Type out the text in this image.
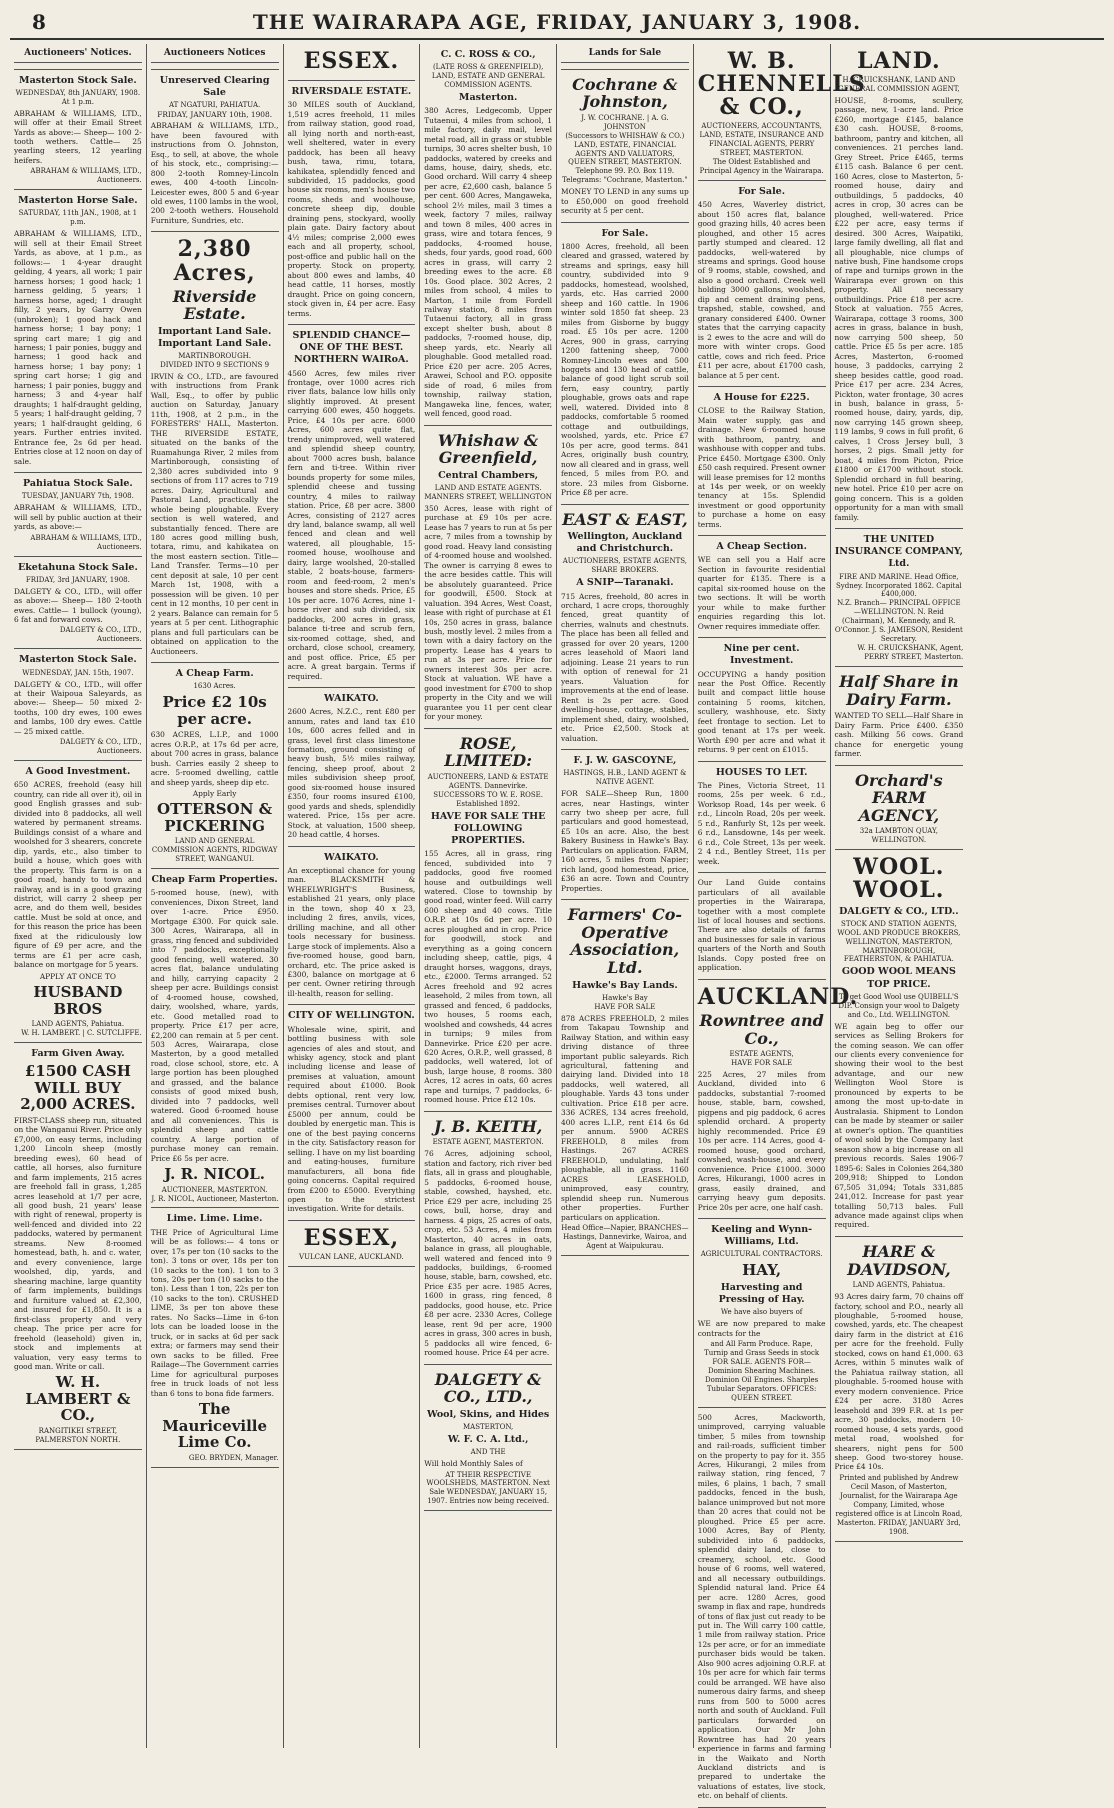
8	THE WAIRARAPA AGE, FRIDAY, JANUARY 3, 1908.
Auctioneers' Notices.
Masterton Stock Sale.
WEDNESDAY, 8th JANUARY, 1908. At 1 p.m.
ABRAHAM & WILLIAMS, LTD., will offer at their Email Street Yards as above:— Sheep— 100 2-tooth wethers. Cattle— 25 yearling steers, 12 yearling heifers.
ABRAHAM & WILLIAMS, LTD., Auctioneers.
Masterton Horse Sale.
SATURDAY, 11th JAN., 1908, at 1 p.m.
ABRAHAM & WILLIAMS, LTD., will sell at their Email Street Yards, as above, at 1 p.m., as follows:— 1 4-year draught gelding, 4 years, all work; 1 pair harness horses; 1 good hack; 1 harness gelding, 5 years; 1 harness horse, aged; 1 draught filly, 2 years, by Garry Owen (unbroken); 1 good hack and harness horse; 1 bay pony; 1 spring cart mare; 1 gig and harness; 1 pair ponies, buggy and harness; 1 good hack and harness horse; 1 bay pony; 1 spring cart horse; 1 gig and harness; 1 pair ponies, buggy and harness; 3 and 4-year half draughts; 1 half-draught gelding, 5 years; 1 half-draught gelding, 7 years; 1 half-draught gelding, 6 years. Further entries invited. Entrance fee, 2s 6d per head. Entries close at 12 noon on day of sale.
Pahiatua Stock Sale.
TUESDAY, JANUARY 7th, 1908.
ABRAHAM & WILLIAMS, LTD., will sell by public auction at their yards, as above:—
ABRAHAM & WILLIAMS, LTD., Auctioneers.
Eketahuna Stock Sale.
FRIDAY, 3rd JANUARY, 1908.
DALGETY & CO., LTD., will offer as above:— Sheep— 180 2-tooth ewes. Cattle— 1 bullock (young), 6 fat and forward cows.
DALGETY & CO., LTD., Auctioneers.
Masterton Stock Sale.
WEDNESDAY, JAN. 15th, 1907.
DALGETY & CO., LTD., will offer at their Waipoua Saleyards, as above:— Sheep— 50 mixed 2-tooths, 100 dry ewes, 100 ewes and lambs, 100 dry ewes. Cattle— 25 mixed cattle.
DALGETY & CO., LTD., Auctioneers.
A Good Investment.
650 ACRES, freehold (easy hill country, can ride all over it), oil in good English grasses and sub-divided into 8 paddocks, all well watered by permanent streams. Buildings consist of a whare and woolshed for 3 shearers, concrete dip, yards, etc., also timber to build a house, which goes with the property. This farm is on a good road, handy to town and railway, and is in a good grazing district, will carry 2 sheep per acre, and do them well, besides cattle. Must be sold at once, and for this reason the price has been fixed at the ridiculously low figure of £9 per acre, and the terms are £1 per acre cash, balance on mortgage for 5 years.
APPLY AT ONCE TO
HUSBAND BROS
LAND AGENTS, Pahiatua.
W. H. LAMBERT. | C. SUTCLIFFE.
Farm Given Away.
£1500 CASH WILL BUY 2,000 ACRES.
FIRST-CLASS sheep run, situated on the Wanganui River. Price only £7,000, on easy terms, including 1,200 Lincoln sheep (mostly breeding ewes), 60 head of cattle, all horses, also furniture and farm implements, 215 acres are freehold fall in grass, 1,285 acres leasehold at 1/7 per acre, all good bush, 21 years' lease with right of renewal, property is well-fenced and divided into 22 paddocks, watered by permanent streams. New 8-roomed homestead, bath, h. and c. water, and every convenience, large woolshed, dip, yards, and shearing machine, large quantity of farm implements, buildings and furniture valued at £2,300, and insured for £1,850. It is a first-class property and very cheap. The price per acre for freehold (leasehold) given in, stock and implements at valuation, very easy terms to good man. Write or call.
W. H. LAMBERT & CO.,
RANGITIKEI STREET, PALMERSTON NORTH.
Auctioneers Notices
Unreserved Clearing Sale
AT NGATURI, PAHIATUA.
FRIDAY, JANUARY 10th, 1908.
ABRAHAM & WILLIAMS, LTD., have been favoured with instructions from O. Johnston, Esq., to sell, at above, the whole of his stock, etc., comprising:— 800 2-tooth Romney-Lincoln ewes, 400 4-tooth Lincoln-Leicester ewes, 800 5 and 6-year old ewes, 1100 lambs in the wool, 200 2-tooth wethers. Household Furniture, Sundries, etc.
2,380 Acres,
Riverside Estate.
Important Land Sale. Important Land Sale.
MARTINBOROUGH.
DIVIDED INTO 9 SECTIONS 9
IRVIN & CO., LTD., are favoured with instructions from Frank Wall, Esq., to offer by public auction on Saturday, January 11th, 1908, at 2 p.m., in the FORESTERS' HALL, Masterton. THE RIVERSIDE ESTATE, situated on the banks of the Ruamahunga River, 2 miles from Martinborough, consisting of 2,380 acres subdivided into 9 sections of from 117 acres to 719 acres. Dairy, Agricultural and Pastoral Land, practically the whole being ploughable. Every section is well watered, and substantially fenced. There are 180 acres good milling bush, totara, rimu, and kahikatea on the most eastern section. Title—Land Transfer. Terms—10 per cent deposit at sale, 10 per cent March 1st, 1908, with a possession will be given. 10 per cent in 12 months, 10 per cent in 2 years. Balance can remain for 5 years at 5 per cent. Lithographic plans and full particulars can be obtained on application to the Auctioneers.
A Cheap Farm.
1630 Acres.
Price £2 10s per acre.
630 ACRES, L.I.P., and 1000 acres O.R.P., at 17s 6d per acre, about 700 acres in grass, balance bush. Carries easily 2 sheep to acre. 5-roomed dwelling, cattle and sheep yards, sheep dip etc.
Apply Early
OTTERSON & PICKERING
LAND AND GENERAL COMMISSION AGENTS, RIDGWAY STREET, WANGANUI.
Cheap Farm Properties.
5-roomed house, (new), with conveniences, Dixon Street, land over 1-acre. Price £950. Mortgage £300. For quick sale. 300 Acres, Wairarapa, all in grass, ring fenced and subdivided into 7 paddocks, exceptionally good fencing, well watered. 30 acres flat, balance undulating and hilly, carrying capacity 2 sheep per acre. Buildings consist of 4-roomed house, cowshed, dairy, woolshed, whare, yards, etc. Good metalled road to property. Price £17 per acre, £2,200 can remain at 5 per cent. 503 Acres, Wairarapa, close Masterton, by a good metalled road, close school, store, etc. A large portion has been ploughed and grassed, and the balance consists of good mixed bush, divided into 7 paddocks, well watered. Good 6-roomed house and all conveniences. This is splendid sheep and cattle country. A large portion of purchase money can remain. Price £6 5s per acre.
J. R. NICOL.
AUCTIONEER, MASTERTON.
J. R. NICOL, Auctioneer, Masterton.
Lime. Lime. Lime.
THE Price of Agricultural Lime will be as follows:— 4 tons or over, 17s per ton (10 sacks to the ton). 3 tons or over, 18s per ton (10 sacks to the ton). 1 ton to 3 tons, 20s per ton (10 sacks to the ton). Less than 1 ton, 22s per ton (10 sacks to the ton). CRUSHED LIME, 3s per ton above these rates. No Sacks—Lime in 6-ton lots can be loaded loose in the truck, or in sacks at 6d per sack extra; or farmers may send their own sacks to be filled. Free Railage—The Government carries Lime for agricultural purposes free in truck loads of not less than 6 tons to bona fide farmers.
The Mauriceville Lime Co.
GEO. BRYDEN, Manager.
ESSEX.
RIVERSDALE ESTATE.
30 MILES south of Auckland, 1,519 acres freehold, 11 miles from railway station, good road, all lying north and north-east, well sheltered, water in every paddock, has been all heavy bush, tawa, rimu, totara, kahikatea, splendidly fenced and subdivided, 15 paddocks, good house six rooms, men's house two rooms, sheds and woolhouse, concrete sheep dip, double draining pens, stockyard, woolly plain gate. Dairy factory about 4½ miles; comprise 2,000 ewes each and all property, school, post-office and public hall on the property. Stock on property, about 800 ewes and lambs, 40 head cattle, 11 horses, mostly draught. Price on going concern, stock given in, £4 per acre. Easy terms.
SPLENDID CHANCE—ONE OF THE BEST. NORTHERN WAIRoA.
4560 Acres, few miles river frontage, over 1000 acres rich river flats, balance low hills only slightly improved. At present carrying 600 ewes, 450 hoggets. Price, £4 10s per acre. 6000 Acres, 600 acres quite flat, trendy unimproved, well watered and splendid sheep country, about 7000 acres bush, balance fern and ti-tree. Within river bounds property for some miles, splendid cheese and tussing country, 4 miles to railway station. Price, £8 per acre. 3800 Acres, consisting of 2127 acres dry land, balance swamp, all well fenced and clean and well watered, all ploughable, 15-roomed house, woolhouse and dairy, large woolshed, 20-stalled stable, 2 boats-house, farmers-room and feed-room, 2 men's houses and store sheds. Price, £5 10s per acre. 1076 Acres, nine 1-horse river and sub divided, six paddocks, 200 acres in grass, balance ti-tree and scrub fern, six-roomed cottage, shed, and orchard, close school, creamery, and post office. Price, £5 per acre. A great bargain. Terms if required.
WAIKATO.
2600 Acres, N.Z.C., rent £80 per annum, rates and land tax £10 10s, 600 acres felled and in grass, level first class limestone formation, ground consisting of heavy bush, 5½ miles railway, fencing, sheep proof, about 2 miles subdivision sheep proof, good six-roomed house insured £350, four rooms insured £100, good yards and sheds, splendidly watered. Price, 15s per acre. Stock, at valuation, 1500 sheep, 20 head cattle, 4 horses.
WAIKATO.
An exceptional chance for young man. BLACKSMITH & WHEELWRIGHT'S Business, established 21 years, only place in the town, shop 40 x 23, including 2 fires, anvils, vices, drilling machine, and all other tools necessary for business. Large stock of implements. Also a five-roomed house, good barn, orchard, etc. The price asked is £300, balance on mortgage at 6 per cent. Owner retiring through ill-health, reason for selling.
CITY OF WELLINGTON.
Wholesale wine, spirit, and bottling business with sole agencies of ales and stout, and whisky agency, stock and plant including license and lease of premises at valuation, amount required about £1000. Book debts optional, rent very low, premises central. Turnover about £5000 per annum, could be doubled by energetic man. This is one of the best paying concerns in the city. Satisfactory reason for selling. I have on my list boarding and eating-houses, furniture manufacturers, all bona fide going concerns. Capital required from £200 to £5000. Everything open to the strictest investigation. Write for details.
ESSEX,
VULCAN LANE, AUCKLAND.
C. C. ROSS & CO.,
(LATE ROSS & GREENFIELD), LAND, ESTATE AND GENERAL COMMISSION AGENTS.
Masterton.
380 Acres, Ledgecomb, Upper Tutaenui, 4 miles from school, 1 mile factory, daily mail, level metal road, all in grass or stubble turnips, 30 acres shelter bush, 10 paddocks, watered by creeks and dams, house, dairy, sheds, etc. Good orchard. Will carry 4 sheep per acre, £2,600 cash, balance 5 per cent. 600 Acres, Mangaweka, school 2½ miles, mail 3 times a week, factory 7 miles, railway and town 8 miles, 400 acres in grass, wire and totara fences, 9 paddocks, 4-roomed house, sheds, four yards, good road, 600 acres in grass, will carry 2 breeding ewes to the acre. £8 10s. Good place. 302 Acres, 2 miles from school, 4 miles to Marton, 1 mile from Fordell railway station, 8 miles from Tutaenui factory, all in grass except shelter bush, about 8 paddocks, 7-roomed house, dip, sheep yards, etc. Nearly all ploughable. Good metalled road. Price £20 per acre. 205 Acres, Arawei, School and P.O. opposite side of road, 6 miles from township, railway station, Mangaweka line, fences, water, well fenced, good road.
Whishaw & Greenfield,
Central Chambers,
LAND AND ESTATE AGENTS.
MANNERS STREET, WELLINGTON
350 Acres, lease with right of purchase at £9 10s per acre. Lease has 7 years to run at 5s per acre, 7 miles from a township by good road. Heavy land consisting of 4-roomed house and woolshed. The owner is carrying 8 ewes to the acre besides cattle. This will be absolutely guaranteed. Price for goodwill, £500. Stock at valuation. 394 Acres, West Coast, lease with right of purchase at £1 10s, 250 acres in grass, balance bush, mostly level. 2 miles from a town with a dairy factory on the property. Lease has 4 years to run at 3s per acre. Price for owners interest 30s per acre. Stock at valuation. WE have a good investment for £700 to shop property in the City and we will guarantee you 11 per cent clear for your money.
ROSE, LIMITED:
AUCTIONEERS, LAND & ESTATE AGENTS. Dannevirke. SUCCESSORS TO W. E. ROSE. Established 1892.
HAVE FOR SALE THE FOLLOWING PROPERTIES.
155 Acres, all in grass, ring fenced, subdivided into 7 paddocks, good five roomed house and outbuildings well watered. Close to township by good road, winter feed. Will carry 600 sheep and 40 cows. Title O.R.P. at 10s 6d per acre. 10 acres ploughed and in crop. Price for goodwill, stock and everything as a going concern including sheep, cattle, pigs, 4 draught horses, waggons, drays, etc., £2000. Terms arranged. 52 Acres freehold and 92 acres leasehold, 2 miles from town, all grassed and fenced, 6 paddocks, two houses, 5 rooms each, woolshed and cowsheds, 44 acres in turnips; 9 miles from Dannevirke. Price £20 per acre. 620 Acres, O.R.P., well grassed, 8 paddocks, well watered, lot of bush, large house, 8 rooms. 380 Acres, 12 acres in oats, 60 acres rape and turnips, 7 paddocks, 6-roomed house. Price £12 10s.
J. B. KEITH,
ESTATE AGENT, MASTERTON.
76 Acres, adjoining school, station and factory, rich river bed flats, all in grass and ploughable, 5 paddocks, 6-roomed house, stable, cowshed, hayshed, etc. Price £29 per acre, including 25 cows, bull, horse, dray and harness. 4 pigs, 25 acres of oats, crop, etc. 53 Acres, 4 miles from Masterton, 40 acres in oats, balance in grass, all ploughable, well watered and fenced into 9 paddocks, buildings, 6-roomed house, stable, barn, cowshed, etc. Price £35 per acre. 1985 Acres, 1600 in grass, ring fenced, 8 paddocks, good house, etc. Price £8 per acre. 2330 Acres, College lease, rent 9d per acre, 1900 acres in grass, 300 acres in bush, 5 paddocks all wire fenced, 6-roomed house. Price £4 per acre.
DALGETY & CO., LTD.,
Wool, Skins, and Hides
MASTERTON,
W. F. C. A. Ltd.,
AND THE
Will hold Monthly Sales of
AT THEIR RESPECTIVE WOOLSHEDS, MASTERTON. Next Sale WEDNESDAY, JANUARY 15, 1907. Entries now being received.
Lands for Sale
Cochrane & Johnston,
J. W. COCHRANE. | A. G. JOHNSTON
(Successors to WHISHAW & CO.) LAND, ESTATE, FINANCIAL AGENTS AND VALUATORS, QUEEN STREET, MASTERTON. Telephone 99. P.O. Box 119. Telegrams: "Cochrane, Masterton."
MONEY TO LEND in any sums up to £50,000 on good freehold security at 5 per cent.
For Sale.
1800 Acres, freehold, all been cleared and grassed, watered by streams and springs, easy hill country, subdivided into 9 paddocks, homestead, woolshed, yards, etc. Has carried 2000 sheep and 160 cattle. In 1906 winter sold 1850 fat sheep. 23 miles from Gisborne by buggy road. £5 10s per acre. 1200 Acres, 900 in grass, carrying 1200 fattening sheep, 7000 Romney-Lincoln ewes and 500 hoggets and 130 head of cattle, balance of good light scrub soil fern, easy country, partly ploughable, grows oats and rape well, watered. Divided into 8 paddocks, comfortable 5 roomed cottage and outbuildings, woolshed, yards, etc. Price £7 10s per acre, good terms. 841 Acres, originally bush country, now all cleared and in grass, well fenced, 5 miles from P.O. and store. 23 miles from Gisborne. Price £8 per acre.
EAST & EAST,
Wellington, Auckland and Christchurch.
AUCTIONEERS, ESTATE AGENTS, SHARE BROKERS.
A SNIP—Taranaki.
715 Acres, freehold, 80 acres in orchard, 1 acre crops, thoroughly fenced, great quantity of cherries, walnuts and chestnuts. The place has been all felled and grassed for over 20 years, 1200 acres leasehold of Maori land adjoining. Lease 21 years to run with option of renewal for 21 years. Valuation for improvements at the end of lease. Rent is 2s per acre. Good dwelling-house, cottage, stables, implement shed, dairy, woolshed, etc. Price £2,500. Stock at valuation.
F. J. W. GASCOYNE,
HASTINGS, H.B., LAND AGENT & NATIVE AGENT.
FOR SALE—Sheep Run, 1800 acres, near Hastings, winter carry two sheep per acre, full particulars and good homestead, £5 10s an acre. Also, the best Bakery Business in Hawke's Bay. Particulars on application. FARM, 160 acres, 5 miles from Napier; rich land, good homestead, price, £36 an acre. Town and Country Properties.
Farmers' Co-Operative Association, Ltd.
Hawke's Bay Lands.
Hawke's Bay
HAVE FOR SALE
878 ACRES FREEHOLD, 2 miles from Takapau Township and Railway Station, and within easy driving distance of three important public saleyards. Rich agricultural, fattening and dairying land. Divided into 18 paddocks, well watered, all ploughable. Yards 43 tons under cultivation. Price £18 per acre. 336 ACRES, 134 acres freehold, 400 acres L.I.P., rent £14 6s 6d per annum. 5900 ACRES FREEHOLD, 8 miles from Hastings. 267 ACRES FREEHOLD, undulating, half ploughable, all in grass. 1160 ACRES LEASEHOLD, unimproved, easy country, splendid sheep run. Numerous other properties. Further particulars on application.
Head Office—Napier, BRANCHES—Hastings, Dannevirke, Wairoa, and Agent at Waipukurau.
W. B. CHENNELLS & CO.,
AUCTIONEERS, ACCOUNTANTS, LAND, ESTATE, INSURANCE AND FINANCIAL AGENTS, PERRY STREET, MASTERTON.
The Oldest Established and Principal Agency in the Wairarapa.
For Sale.
450 Acres, Waverley district, about 150 acres flat, balance good grazing hills, 40 acres been ploughed, and other 15 acres partly stumped and cleared. 12 paddocks, well-watered by streams and springs. Good house of 9 rooms, stable, cowshed, and also a good orchard. Creek well holding 3000 gallons, woolshed, dip and cement draining pens, trapshed, stable, cowshed, and granary considered £400. Owner states that the carrying capacity is 2 ewes to the acre and will do more with winter crops. Good cattle, cows and rich feed. Price £11 per acre, about £1700 cash, balance at 5 per cent.
A House for £225.
CLOSE to the Railway Station, Main water supply, gas and drainage. New 6-roomed house with bathroom, pantry, and washhouse with copper and tubs. Price £450. Mortgage £300. Only £50 cash required. Present owner will lease premises for 12 months at 14s per week, or on weekly tenancy at 15s. Splendid investment or good opportunity to purchase a home on easy terms.
A Cheap Section.
WE can sell you a Half acre Section in favourite residential quarter for £135. There is a capital six-roomed house on the two sections. It will be worth your while to make further enquiries regarding this lot. Owner requires immediate offer.
Nine per cent. Investment.
OCCUPYING a handy position near the Post Office. Recently built and compact little house containing 5 rooms, kitchen, scullery, washhouse, etc. Sixty feet frontage to section. Let to good tenant at 17s per week. Worth £90 per acre and what it returns. 9 per cent on £1015.
HOUSES TO LET.
The Pines, Victoria Street, 11 rooms, 25s per week. 6 r.d., Worksop Road, 14s per week. 6 r.d., Lincoln Road, 20s per week. 5 r.d., Ranfurly St, 12s per week. 6 r.d., Lansdowne, 14s per week. 6 r.d., Cole Street, 13s per week. 2 4 r.d., Bentley Street, 11s per week.
Our Land Guide contains particulars of all available properties in the Wairarapa, together with a most complete list of local houses and sections. There are also details of farms and businesses for sale in various quarters of the North and South Islands. Copy posted free on application.
AUCKLAND.
Rowntree and Co.,
ESTATE AGENTS,
HAVE FOR SALE
225 Acres, 27 miles from Auckland, divided into 6 paddocks, substantial 7-roomed house, stable, barn, cowshed, pigpens and pig paddock, 6 acres splendid orchard. A property highly recommended. Price £9 10s per acre. 114 Acres, good 4-roomed house, good orchard, cowshed, wash-house, and every convenience. Price £1000. 3000 Acres, Hikurangi, 1000 acres in grass, easily drained, and carrying heavy gum deposits. Price 20s per acre, one half cash.
Keeling and Wynn-Williams, Ltd.
AGRICULTURAL CONTRACTORS.
HAY,
Harvesting and Pressing of Hay.
We have also buyers of
WE are now prepared to make contracts for the
and All Farm Produce. Rape, Turnip and Grass Seeds in stock FOR SALE. AGENTS FOR— Dominion Shearing Machines. Dominion Oil Engines. Sharples Tubular Separators. OFFICES: QUEEN STREET.
500 Acres, Mackworth, unimproved, carrying valuable timber, 5 miles from township and rail-roads, sufficient timber on the property to pay for it. 355 Acres, Hikurangi, 2 miles from railway station, ring fenced, 7 miles, 6 plains, 1 bach, 7 small paddocks, fenced in the bush, balance unimproved but not more than 20 acres that could not be ploughed. Price £5 per acre. 1000 Acres, Bay of Plenty, subdivided into 6 paddocks, splendid dairy land, close to creamery, school, etc. Good house of 6 rooms, well watered, and all necessary outbuildings. Splendid natural land. Price £4 per acre. 1280 Acres, good swamp in flax and rape, hundreds of tons of flax just cut ready to be put in. The Will carry 100 cattle, 1 mile from railway station. Price 12s per acre, or for an immediate purchaser bids would be taken. Also 900 acres adjoining O.R.F. at 10s per acre for which fair terms could be arranged. WE have also numerous dairy farms, and sheep runs from 500 to 5000 acres north and south of Auckland. Full particulars forwarded on application. Our Mr John Rowntree has had 20 years experience in farms and farming in the Waikato and North Auckland districts and is prepared to undertake the valuations of estates, live stock, etc. on behalf of clients.
LAND.
H. CRUICKSHANK, LAND AND GENERAL COMMISSION AGENT,
HOUSE, 8-rooms, scullery, passage, new, 1-acre land. Price £260, mortgage £145, balance £30 cash. HOUSE, 8-rooms, bathroom, pantry and kitchen, all conveniences. 21 perches land. Grey Street. Price £465, terms £115 cash. Balance 6 per cent. 160 Acres, close to Masterton, 5-roomed house, dairy and outbuildings, 5 paddocks, 40 acres in crop, 30 acres can be ploughed, well-watered. Price £22 per acre, easy terms if desired. 300 Acres, Waipatiki, large family dwelling, all flat and all ploughable, nice clumps of native bush, Fine handsome crops of rape and turnips grown in the Wairarapa ever grown on this property. All necessary outbuildings. Price £18 per acre. Stock at valuation. 755 Acres, Wairarapa, cottage 3 rooms, 300 acres in grass, balance in bush, now carrying 500 sheep, 50 cattle. Price £5 5s per acre. 185 Acres, Masterton, 6-roomed house, 3 paddocks, carrying 2 sheep besides cattle, good road. Price £17 per acre. 234 Acres, Pickton, water frontage, 30 acres in bush, balance in grass, 5-roomed house, dairy, yards, dip, now carrying 145 grown sheep, 119 lambs, 9 cows in full profit, 6 calves, 1 Cross Jersey bull, 3 horses, 2 pigs. Small jetty for boat, 4 miles from Picton, Price £1800 or £1700 without stock. Splendid orchard in full bearing, new hotel. Price £10 per acre on going concern. This is a golden opportunity for a man with small family.
THE UNITED INSURANCE COMPANY, Ltd.
FIRE AND MARINE. Head Office, Sydney. Incorporated 1862. Capital £400,000.
N.Z. Branch— PRINCIPAL OFFICE—WELLINGTON. N. Reid (Chairman), M. Kennedy, and R. O'Connor. J. S. JAMIESON, Resident Secretary.
W. H. CRUICKSHANK, Agent, PERRY STREET, Masterton.
Half Share in Dairy Farm.
WANTED TO SELL—Half Share in Dairy Farm. Price £400. £350 cash. Milking 56 cows. Grand chance for energetic young farmer.
Orchard's FARM AGENCY,
32a LAMBTON QUAY, WELLINGTON.
WOOL. WOOL.
DALGETY & CO., LTD..
STOCK AND STATION AGENTS, WOOL AND PRODUCE BROKERS, WELLINGTON, MASTERTON, MARTINBOROUGH, FEATHERSTON, & PAHIATUA.
GOOD WOOL MEANS TOP PRICE.
To get Good Wool use QUIBELL'S DIP. Consign your wool to Dalgety and Co., Ltd. WELLINGTON.
WE again beg to offer our services as Selling Brokers for the coming season. We can offer our clients every convenience for showing their wool to the best advantage, and our new Wellington Wool Store is pronounced by experts to be among the most up-to-date in Australasia. Shipment to London can be made by steamer or sailer at owner's option. The quantities of wool sold by the Company last season show a big increase on all previous records. Sales 1906-7 1895-6: Sales in Colonies 264,380 209,918; Shipped to London 67,505 31,094; Totals 331,885 241,012. Increase for past year totalling 50,713 bales. Full advance made against clips when required.
HARE & DAVIDSON,
LAND AGENTS, Pahiatua.
93 Acres dairy farm, 70 chains off factory, school and P.O., nearly all ploughable, 5-roomed house, cowshed, yards, etc. The cheapest dairy farm in the district at £16 per acre for the freehold. Fully stocked, cows on hand £1,000. 63 Acres, within 5 minutes walk of the Pahiatua railway station, all ploughable. 5-roomed house with every modern convenience. Price £24 per acre. 3180 Acres leasehold and 399 F.R. at 1s per acre, 30 paddocks, modern 10-roomed house, 4 sets yards, good metal road, woolshed for shearers, night pens for 500 sheep. Good two-storey house. Price £4 10s.
Printed and published by Andrew Cecil Mason, of Masterton, Journalist, for the Wairarapa Age Company, Limited, whose registered office is at Lincoln Road, Masterton. FRIDAY, JANUARY 3rd, 1908.
